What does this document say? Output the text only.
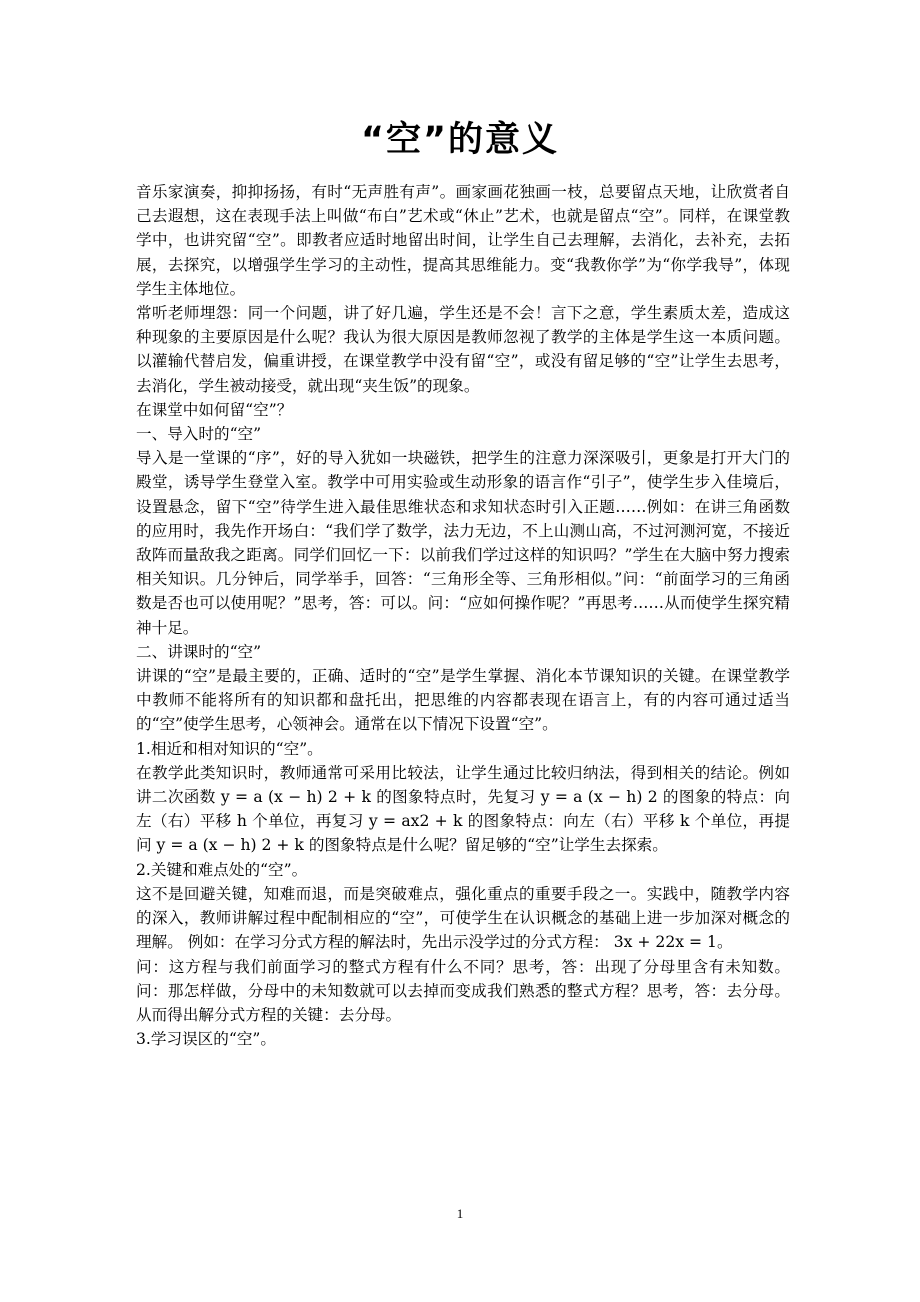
“空”的意义

音乐家演奏，抑抑扬扬，有时“无声胜有声”。画家画花独画一枝，总要留点天地，让欣赏者自己去遐想，这在表现手法上叫做“布白”艺术或“休止”艺术，也就是留点“空”。同样，在课堂教学中，也讲究留“空”。即教者应适时地留出时间，让学生自己去理解，去消化，去补充，去拓展，去探究，以增强学生学习的主动性，提高其思维能力。变“我教你学”为“你学我导”，体现学生主体地位。

常听老师埋怨：同一个问题，讲了好几遍，学生还是不会！言下之意，学生素质太差，造成这种现象的主要原因是什么呢？我认为很大原因是教师忽视了教学的主体是学生这一本质问题。以灌输代替启发，偏重讲授，在课堂教学中没有留“空”，或没有留足够的“空”让学生去思考，去消化，学生被动接受，就出现“夹生饭”的现象。

在课堂中如何留“空”？

一、导入时的“空”

导入是一堂课的“序”，好的导入犹如一块磁铁，把学生的注意力深深吸引，更象是打开大门的殿堂，诱导学生登堂入室。教学中可用实验或生动形象的语言作“引子”，使学生步入佳境后，设置悬念，留下“空”待学生进入最佳思维状态和求知状态时引入正题……例如：在讲三角函数的应用时，我先作开场白：“我们学了数学，法力无边，不上山测山高，不过河测河宽，不接近敌阵而量敌我之距离。同学们回忆一下：以前我们学过这样的知识吗？”学生在大脑中努力搜索相关知识。几分钟后，同学举手，回答：“三角形全等、三角形相似。”问：“前面学习的三角函数是否也可以使用呢？”思考，答：可以。问：“应如何操作呢？”再思考……从而使学生探究精神十足。

二、讲课时的“空”

讲课的“空”是最主要的，正确、适时的“空”是学生掌握、消化本节课知识的关键。在课堂教学中教师不能将所有的知识都和盘托出，把思维的内容都表现在语言上，有的内容可通过适当的“空”使学生思考，心领神会。通常在以下情况下设置“空”。

1.相近和相对知识的“空”。

在教学此类知识时，教师通常可采用比较法，让学生通过比较归纳法，得到相关的结论。例如讲二次函数 y = a (x − h) 2 + k 的图象特点时，先复习 y = a (x − h) 2 的图象的特点：向左（右）平移 h 个单位，再复习 y = ax2 + k 的图象特点：向左（右）平移 k 个单位，再提问 y = a (x − h) 2 + k 的图象特点是什么呢？留足够的“空”让学生去探索。

2.关键和难点处的“空”。

这不是回避关键，知难而退，而是突破难点，强化重点的重要手段之一。实践中，随教学内容的深入，教师讲解过程中配制相应的“空”，可使学生在认识概念的基础上进一步加深对概念的理解。 例如：在学习分式方程的解法时，先出示没学过的分式方程： 3x + 22x = 1。

问：这方程与我们前面学习的整式方程有什么不同？思考，答：出现了分母里含有未知数。问：那怎样做，分母中的未知数就可以去掉而变成我们熟悉的整式方程？思考，答：去分母。从而得出解分式方程的关键：去分母。

3.学习误区的“空”。

1
